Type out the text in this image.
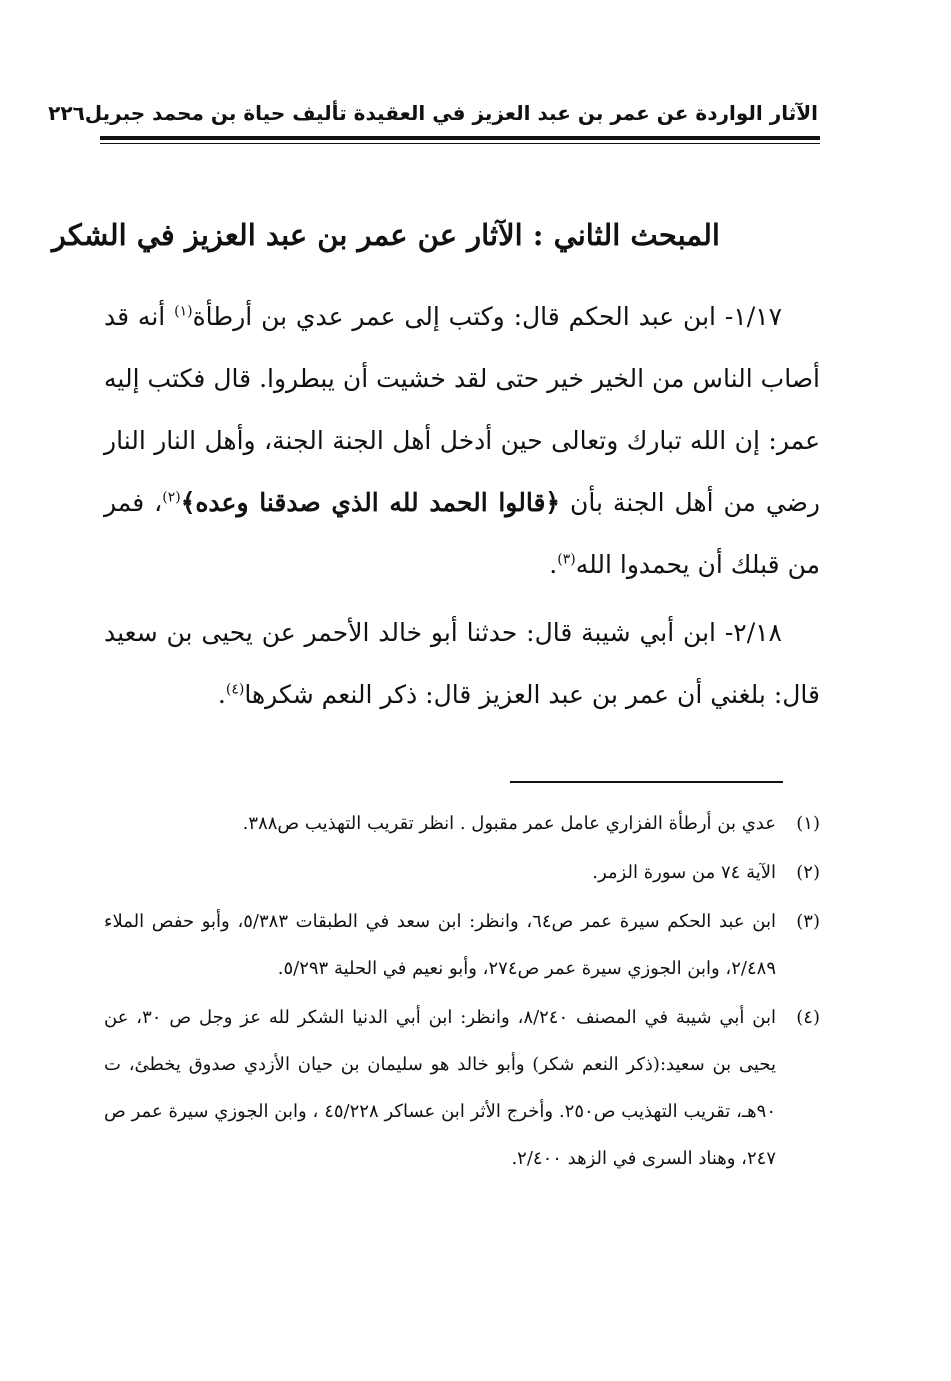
الآثار الواردة عن عمر بن عبد العزيز في العقيدة تأليف حياة بن محمد جبريل
٢٢٦
المبحث الثاني : الآثار عن عمر بن عبد العزيز في الشكر

١/١٧- ابن عبد الحكم قال: وكتب إلى عمر عدي بن أرطأة$^{(١)}$ أنه قد أصاب الناس من الخير خير حتى لقد خشيت أن يبطروا. قال فكتب إليه عمر: إن الله تبارك وتعالى حين أدخل أهل الجنة الجنة، وأهل النار النار رضي من أهل الجنة بأن ﴿قالوا الحمد لله الذي صدقنا وعده﴾$^{(٢)}$، فمر من قبلك أن يحمدوا الله$^{(٣)}$.

٢/١٨- ابن أبي شيبة قال: حدثنا أبو خالد الأحمر عن يحيى بن سعيد قال: بلغني أن عمر بن عبد العزيز قال: ذكر النعم شكرها$^{(٤)}$.

(١)
عدي بن أرطأة الفزاري عامل عمر مقبول . انظر تقريب التهذيب ص٣٨٨.
(٢)
الآية ٧٤ من سورة الزمر.
(٣)
ابن عبد الحكم سيرة عمر ص٦٤، وانظر: ابن سعد في الطبقات ٥/٣٨٣، وأبو حفص الملاء ٢/٤٨٩، وابن الجوزي سيرة عمر ص٢٧٤، وأبو نعيم في الحلية ٥/٢٩٣.
(٤)
ابن أبي شيبة في المصنف ٨/٢٤٠، وانظر: ابن أبي الدنيا الشكر لله عز وجل ص ٣٠، عن يحيى بن سعيد:(ذكر النعم شكر) وأبو خالد هو سليمان بن حيان الأزدي صدوق يخطئ، ت ٩٠هـ، تقريب التهذيب ص٢٥٠. وأخرج الأثر ابن عساكر ٤٥/٢٢٨ ، وابن الجوزي سيرة عمر ص ٢٤٧، وهناد السرى في الزهد ٢/٤٠٠.
